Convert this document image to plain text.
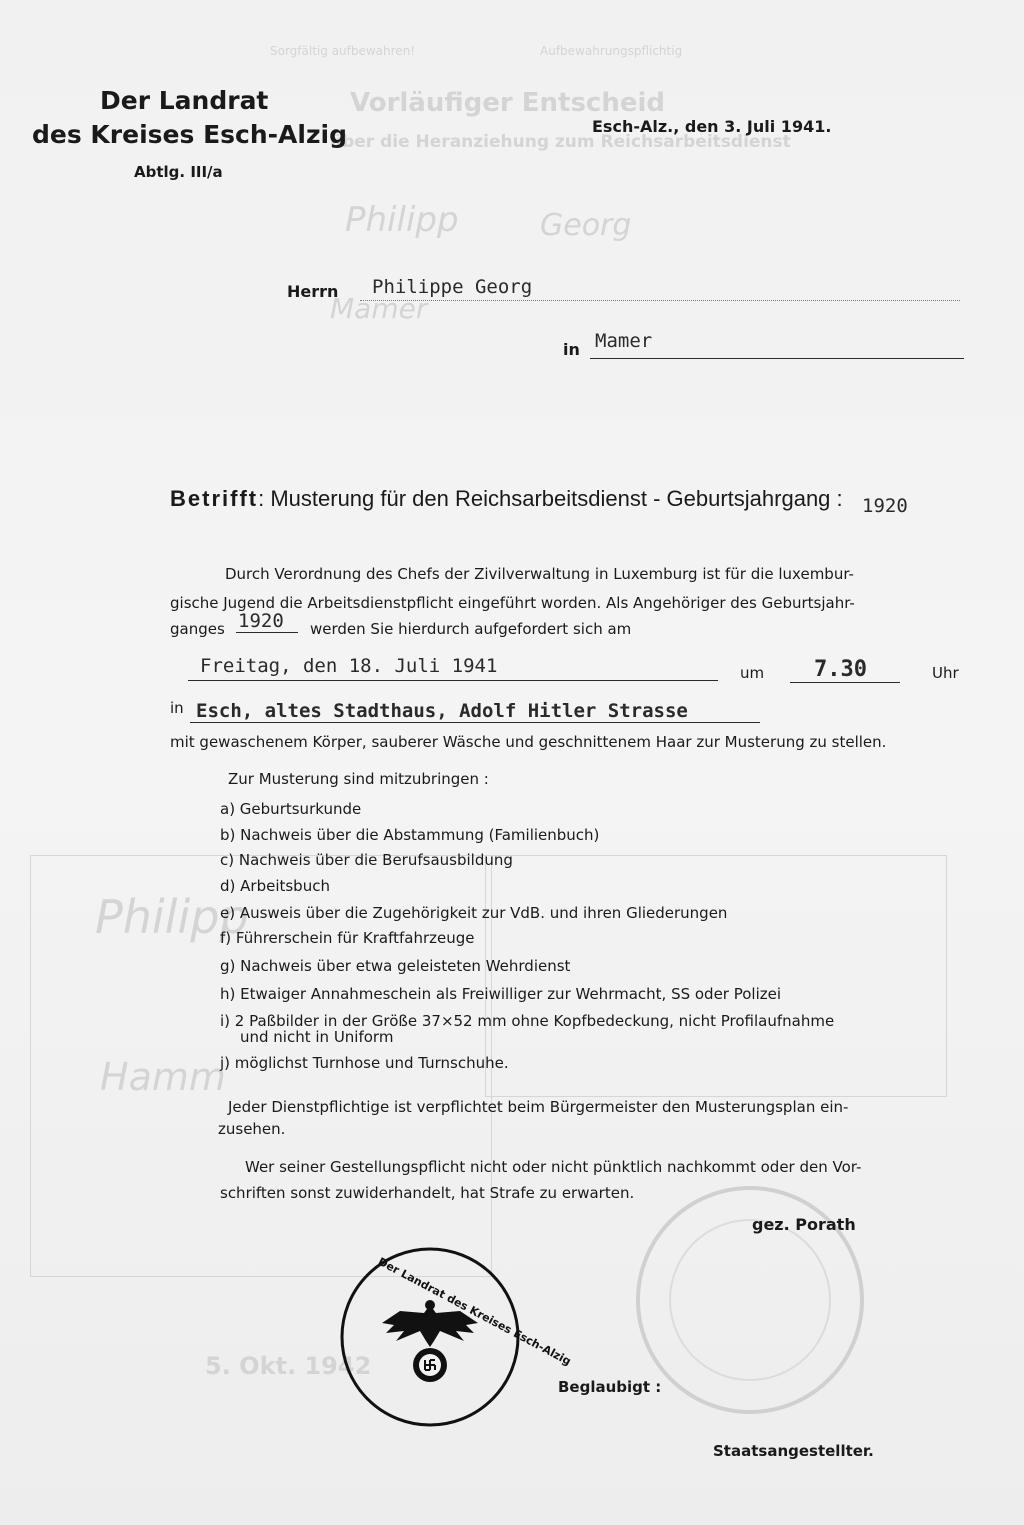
Sorgfältig aufbewahren!	Aufbewahrungspflichtig
Vorläufiger Entscheid
über die Heranziehung zum Reichsarbeitsdienst
Philipp	Georg
Mamer
Philipp
Hamm
5. Okt. 1942
Der Landrat
des Kreises Esch-Alzig
Abtlg. III/a
Esch-Alz., den 3. Juli 1941.
Herrn Philippe Georg
in Mamer
Betrifft: Musterung für den Reichsarbeitsdienst - Geburtsjahrgang : 1920
Durch Verordnung des Chefs der Zivilverwaltung in Luxemburg ist für die luxembur-
gische Jugend die Arbeitsdienstpflicht eingeführt worden. Als Angehöriger des Geburtsjahr-
ganges 1920 werden Sie hierdurch aufgefordert sich am
Freitag, den 18. Juli 1941	um 7.30	Uhr
in Esch, altes Stadthaus, Adolf Hitler Strasse
mit gewaschenem Körper, sauberer Wäsche und geschnittenem Haar zur Musterung zu stellen.
Zur Musterung sind mitzubringen :
a) Geburtsurkunde
b) Nachweis über die Abstammung (Familienbuch)
c) Nachweis über die Berufsausbildung
d) Arbeitsbuch
e) Ausweis über die Zugehörigkeit zur VdB. und ihren Gliederungen
f) Führerschein für Kraftfahrzeuge
g) Nachweis über etwa geleisteten Wehrdienst
h) Etwaiger Annahmeschein als Freiwilliger zur Wehrmacht, SS oder Polizei
i) 2 Paßbilder in der Größe 37×52 mm ohne Kopfbedeckung, nicht Profilaufnahme
und nicht in Uniform
j) möglichst Turnhose und Turnschuhe.
Jeder Dienstpflichtige ist verpflichtet beim Bürgermeister den Musterungsplan ein-
zusehen.
Wer seiner Gestellungspflicht nicht oder nicht pünktlich nachkommt oder den Vor-
schriften sonst zuwiderhandelt, hat Strafe zu erwarten.
gez. Porath
Der Landrat des Kreises Esch-Alzig
Beglaubigt :
Staatsangestellter.
